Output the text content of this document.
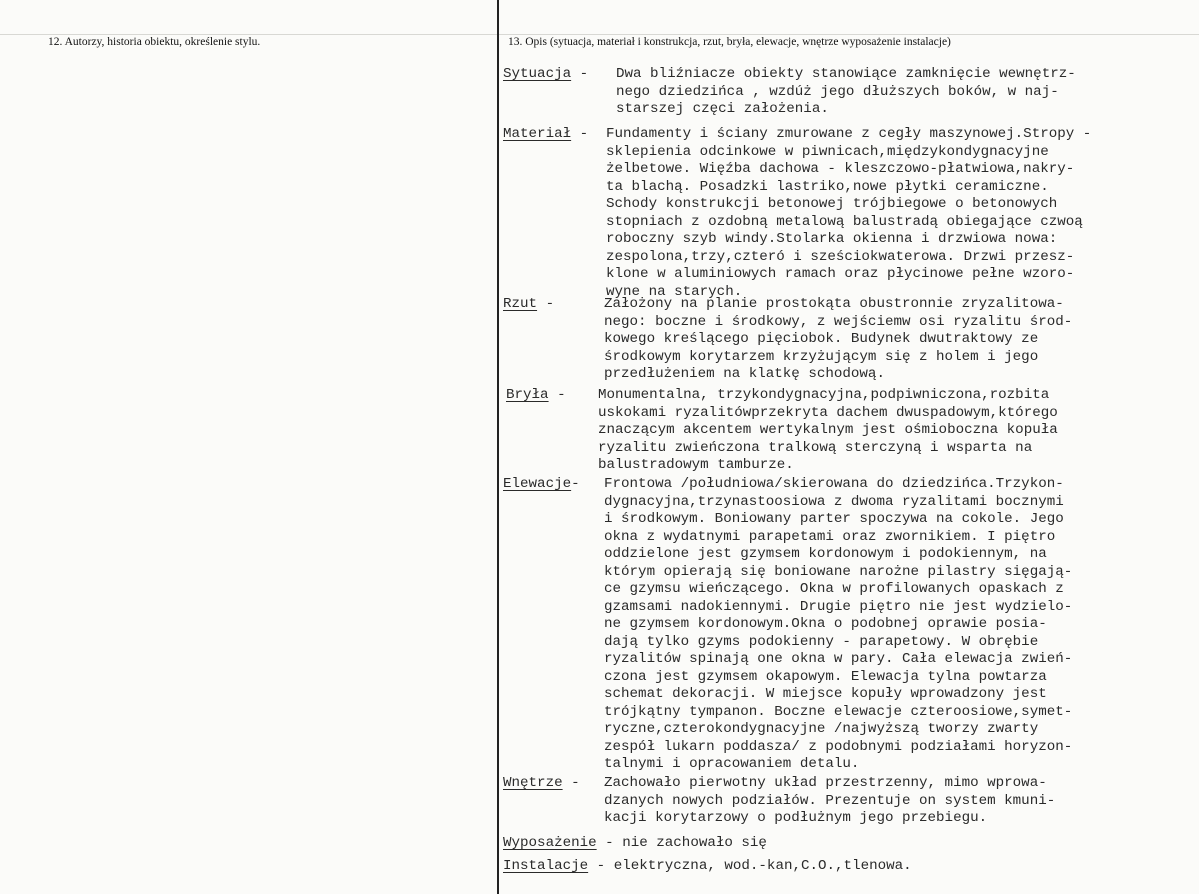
12. Autorzy, historia obiektu, określenie stylu.	13. Opis (sytuacja, materiał i konstrukcja, rzut, bryła, elewacje, wnętrze wyposażenie instalacje)
Sytuacja - Dwa bliźniacze obiekty stanowiące zamknięcie wewnętrz-
nego dziedzińca , wzdúż jego dłuższych boków, w naj-
starszej częci założenia.
Materiał - Fundamenty i ściany zmurowane z cegły maszynowej.Stropy -
sklepienia odcinkowe w piwnicach,międzykondygnacyjne
żelbetowe. Więźba dachowa - kleszczowo-płatwiowa,nakry-
ta blachą. Posadzki lastriko,nowe płytki ceramiczne.
Schody konstrukcji betonowej trójbiegowe o betonowych
stopniach z ozdobną metalową balustradą obiegające czwoą
roboczny szyb windy.Stolarka okienna i drzwiowa nowa:
zespolona,trzy,czteró i sześciokwaterowa. Drzwi przesz-
klone w aluminiowych ramach oraz płycinowe pełne wzoro-
wyne na starych.
Rzut -	Założony na planie prostokąta obustronnie zryzalitowa-
nego: boczne i środkowy, z wejściemw osi ryzalitu środ-
kowego kreślącego pięciobok. Budynek dwutraktowy ze
środkowym korytarzem krzyżującym się z holem i jego
przedłużeniem na klatkę schodową.
Bryła - Monumentalna, trzykondygnacyjna,podpiwniczona,rozbita
uskokami ryzalitówprzekryta dachem dwuspadowym,którego
znaczącym akcentem wertykalnym jest ośmioboczna kopuła
ryzalitu zwieńczona tralkową sterczyną i wsparta na
balustradowym tamburze.
Elewacje- Frontowa /południowa/skierowana do dziedzińca.Trzykon-
dygnacyjna,trzynastoosiowa z dwoma ryzalitami bocznymi
i środkowym. Boniowany parter spoczywa na cokole. Jego
okna z wydatnymi parapetami oraz zwornikiem. I piętro
oddzielone jest gzymsem kordonowym i podokiennym, na
którym opierają się boniowane narożne pilastry sięgają-
ce gzymsu wieńczącego. Okna w profilowanych opaskach z
gzamsami nadokiennymi. Drugie piętro nie jest wydzielo-
ne gzymsem kordonowym.Okna o podobnej oprawie posia-
dają tylko gzyms podokienny - parapetowy. W obrębie
ryzalitów spinają one okna w pary. Cała elewacja zwień-
czona jest gzymsem okapowym. Elewacja tylna powtarza
schemat dekoracji. W miejsce kopuły wprowadzony jest
trójkątny tympanon. Boczne elewacje czteroosiowe,symet-
ryczne,czterokondygnacyjne /najwyższą tworzy zwarty
zespół lukarn poddasza/ z podobnymi podziałami horyzon-
talnymi i opracowaniem detalu.
Wnętrze - Zachowało pierwotny układ przestrzenny, mimo wprowa-
dzanych nowych podziałów. Prezentuje on system kmuni-
kacji korytarzowy o podłużnym jego przebiegu.
Wyposażenie - nie zachowało się
Instalacje - elektryczna, wod.-kan,C.O.,tlenowa.
